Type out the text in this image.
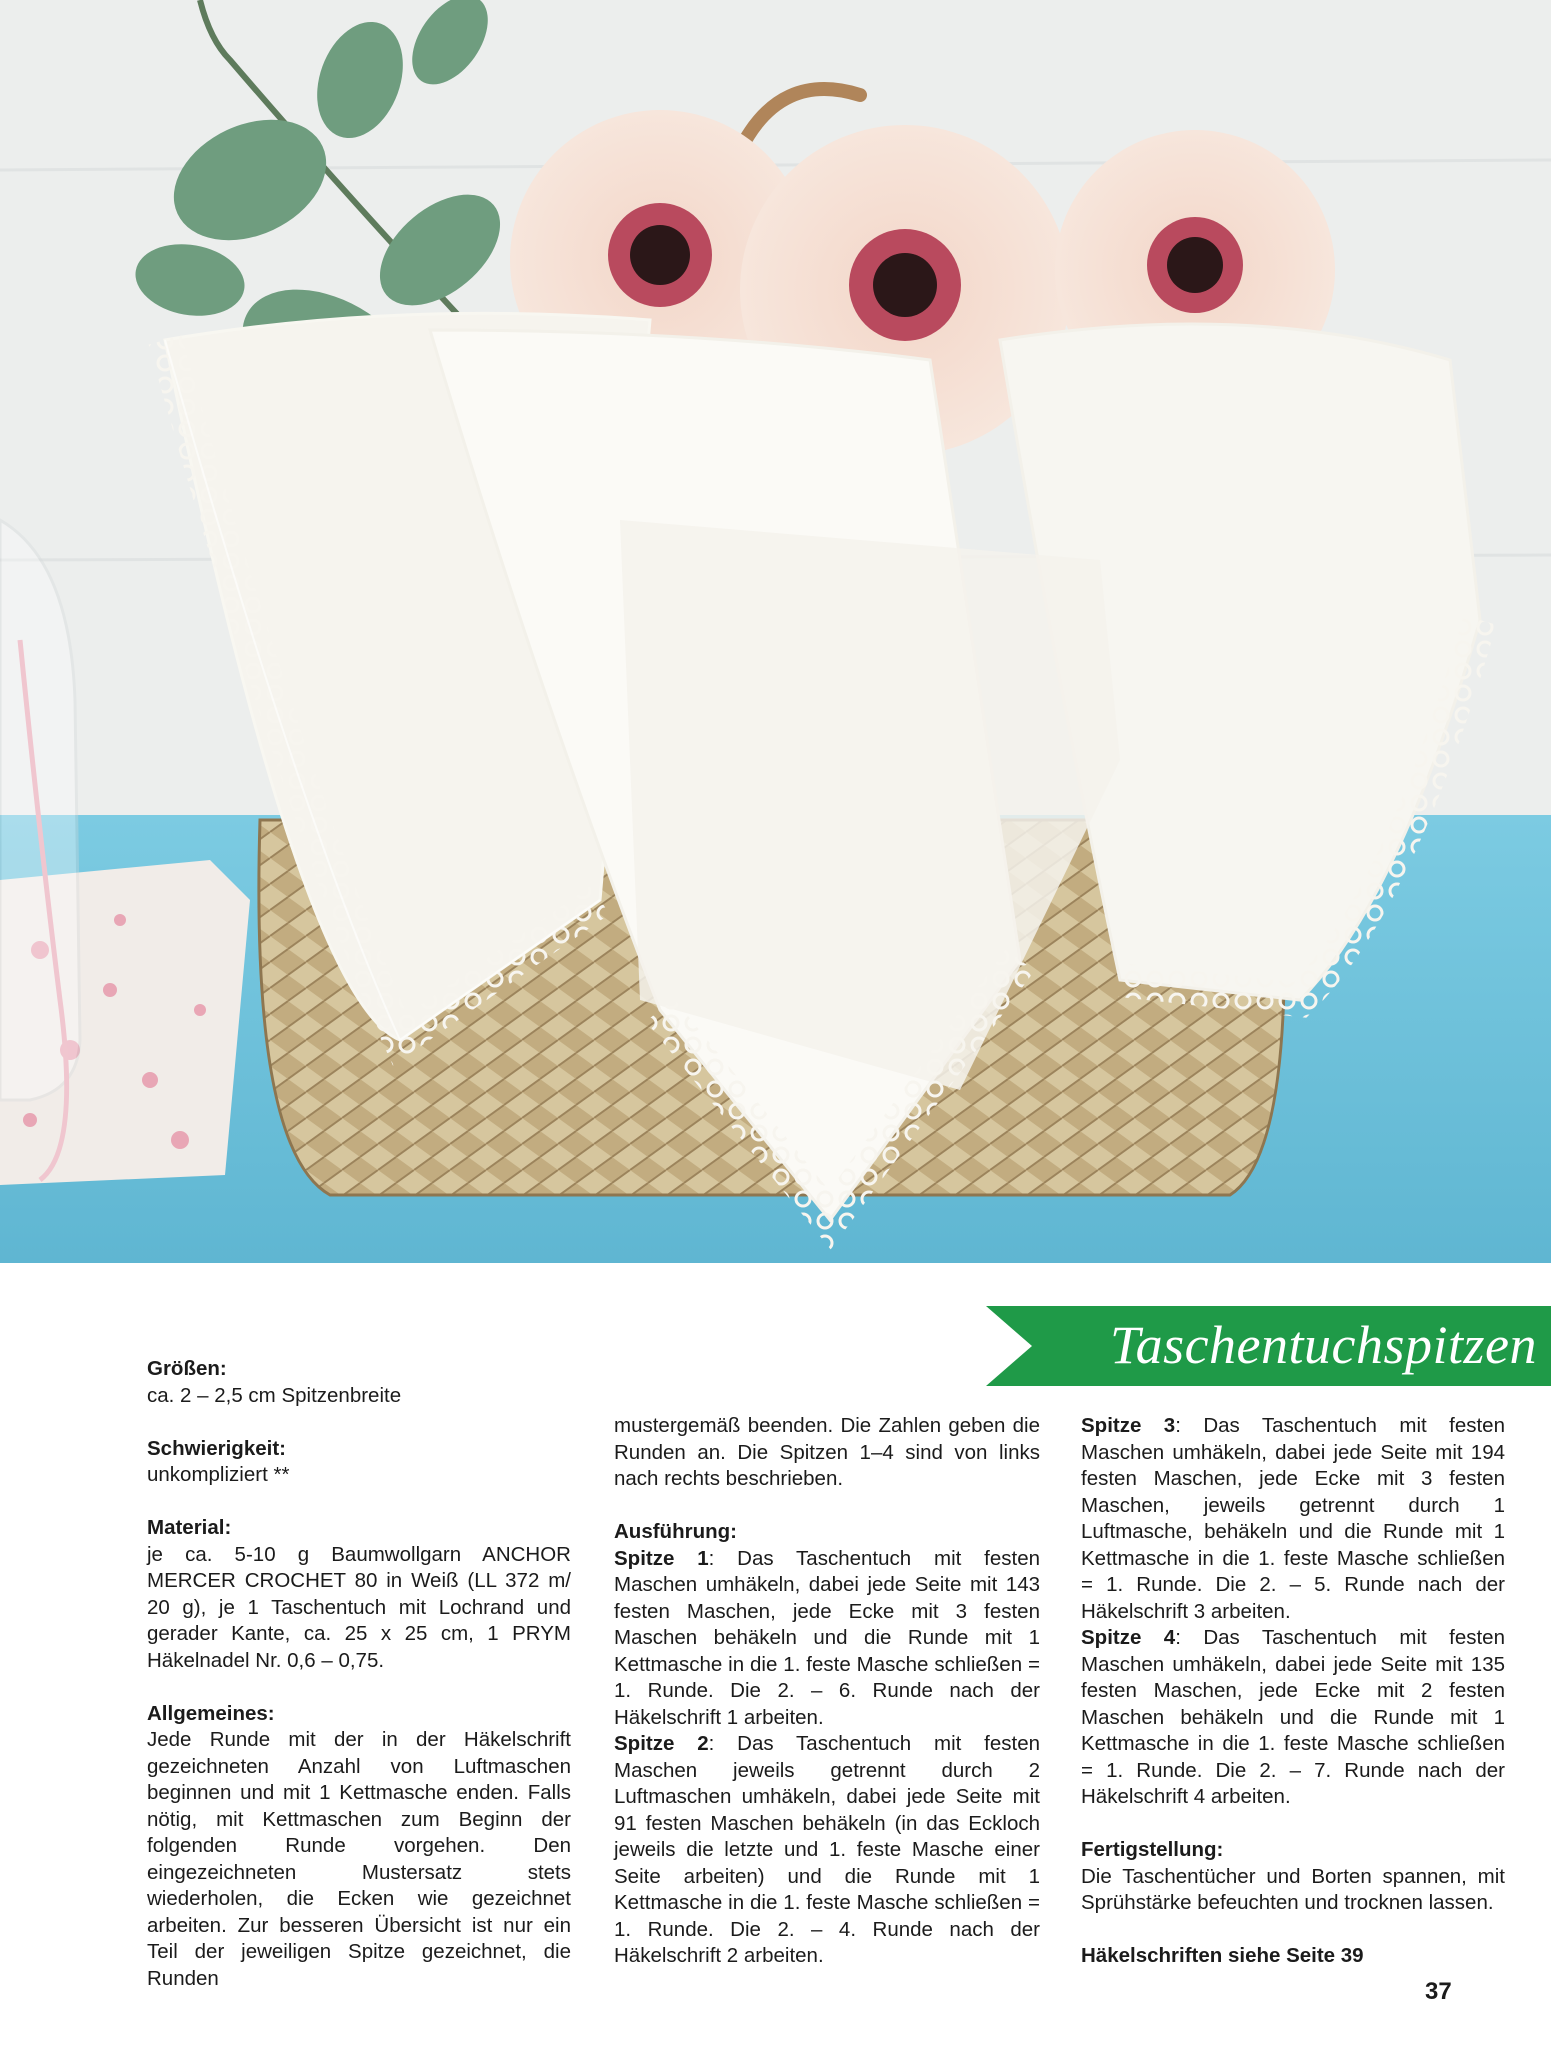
Taschentuchspitzen

Größen:

ca. 2 – 2,5 cm Spitzenbreite

Schwierigkeit:

unkompliziert **

Material:

je ca. 5-10 g Baumwollgarn ANCHOR MERCER CROCHET 80 in Weiß (LL 372 m/ 20 g), je 1 Taschentuch mit Lochrand und gerader Kante, ca. 25 x 25 cm, 1 PRYM Häkelnadel Nr. 0,6 – 0,75.

Allgemeines:

Jede Runde mit der in der Häkelschrift gezeichneten Anzahl von Luftmaschen beginnen und mit 1 Kettmasche enden. Falls nötig, mit Kettmaschen zum Beginn der folgenden Runde vorgehen. Den eingezeichneten Mustersatz stets wiederholen, die Ecken wie gezeichnet arbeiten. Zur besseren Übersicht ist nur ein Teil der jeweiligen Spitze gezeichnet, die Runden

mustergemäß beenden. Die Zahlen geben die Runden an. Die Spitzen 1–4 sind von links nach rechts beschrieben.

Ausführung:

Spitze 1: Das Taschentuch mit festen Maschen umhäkeln, dabei jede Seite mit 143 festen Maschen, jede Ecke mit 3 festen Maschen behäkeln und die Runde mit 1 Kettmasche in die 1. feste Masche schließen = 1. Runde. Die 2. – 6. Runde nach der Häkelschrift 1 arbeiten.

Spitze 2: Das Taschentuch mit festen Maschen jeweils getrennt durch 2 Luftmaschen umhäkeln, dabei jede Seite mit 91 festen Maschen behäkeln (in das Eckloch jeweils die letzte und 1. feste Masche einer Seite arbeiten) und die Runde mit 1 Kettmasche in die 1. feste Masche schließen = 1. Runde. Die 2. – 4. Runde nach der Häkelschrift 2 arbeiten.

Spitze 3: Das Taschentuch mit festen Maschen umhäkeln, dabei jede Seite mit 194 festen Maschen, jede Ecke mit 3 festen Maschen, jeweils getrennt durch 1 Luftmasche, behäkeln und die Runde mit 1 Kettmasche in die 1. feste Masche schließen = 1. Runde. Die 2. – 5. Runde nach der Häkelschrift 3 arbeiten.

Spitze 4: Das Taschentuch mit festen Maschen umhäkeln, dabei jede Seite mit 135 festen Maschen, jede Ecke mit 2 festen Maschen behäkeln und die Runde mit 1 Kettmasche in die 1. feste Masche schließen = 1. Runde. Die 2. – 7. Runde nach der Häkelschrift 4 arbeiten.

Fertigstellung:

Die Taschentücher und Borten spannen, mit Sprühstärke befeuchten und trocknen lassen.

Häkelschriften siehe Seite 39

37
